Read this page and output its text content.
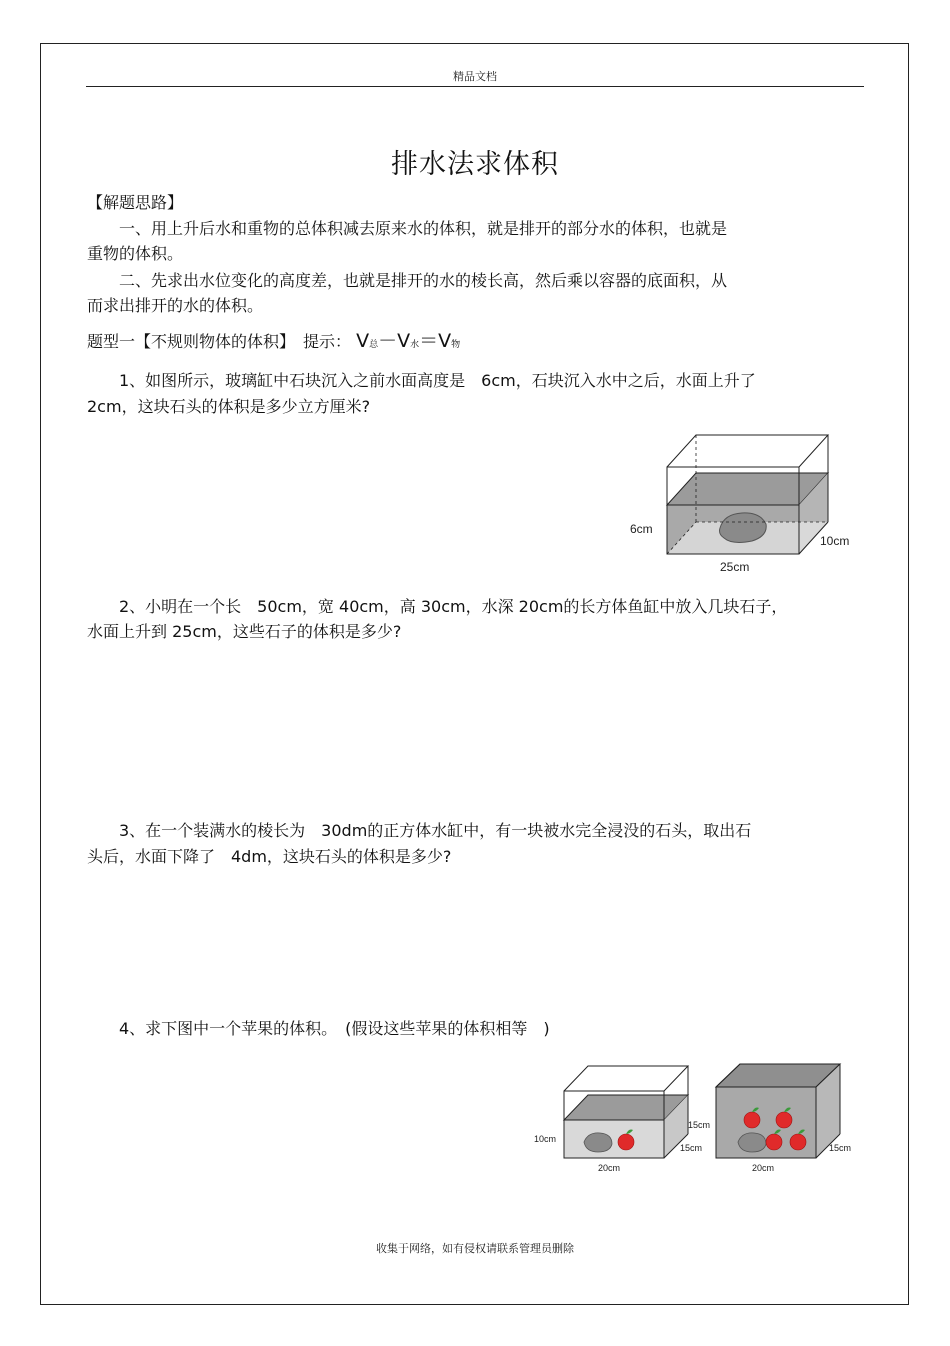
精品文档
排水法求体积

【解题思路】

　　一、用上升后水和重物的总体积减去原来水的体积，就是排开的部分水的体积，也就是

重物的体积。

　　二、先求出水位变化的高度差，也就是排开的水的棱长高，然后乘以容器的底面积，从

而求出排开的水的体积。

题型一【不规则物体的体积】　提示： V总－V水＝V物

　　1、如图所示，玻璃缸中石块沉入之前水面高度是　6cm，石块沉入水中之后，水面上升了

2cm，这块石头的体积是多少立方厘米?

6cm
10cm
25cm

　　2、小明在一个长　50cm，宽 40cm，高 30cm，水深 20cm的长方体鱼缸中放入几块石子，

水面上升到 25cm，这些石子的体积是多少?

　　3、在一个装满水的棱长为　30dm的正方体水缸中，有一块被水完全浸没的石头，取出石

头后，水面下降了　4dm，这块石头的体积是多少?

　　4、求下图中一个苹果的体积。　(假设这些苹果的体积相等　)

10cm
15cm
15cm
20cm
15cm
20cm
收集于网络，如有侵权请联系管理员删除
